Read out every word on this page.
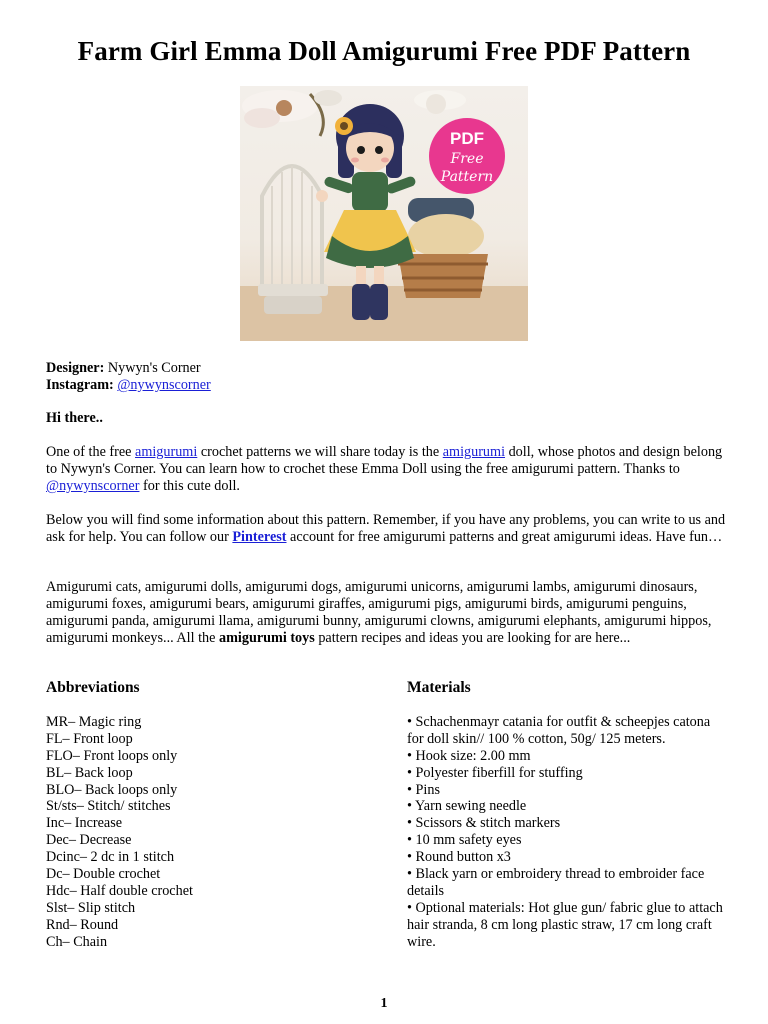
Farm Girl Emma Doll Amigurumi Free PDF Pattern
PDF
Free
Pattern
Designer: Nywyn's Corner
Instagram: @nywynscorner
Hi there..
One of the free amigurumi crochet patterns we will share today is the amigurumi doll, whose photos and design belong to Nywyn's Corner. You can learn how to crochet these Emma Doll using the free amigurumi pattern. Thanks to @nywynscorner for this cute doll.
Below you will find some information about this pattern. Remember, if you have any problems, you can write to us and ask for help. You can follow our Pinterest account for free amigurumi patterns and great amigurumi ideas. Have fun…
Amigurumi cats, amigurumi dolls, amigurumi dogs, amigurumi unicorns, amigurumi lambs, amigurumi dinosaurs, amigurumi foxes, amigurumi bears, amigurumi giraffes, amigurumi pigs, amigurumi birds, amigurumi penguins, amigurumi panda, amigurumi llama, amigurumi bunny, amigurumi clowns, amigurumi elephants, amigurumi hippos, amigurumi monkeys... All the amigurumi toys pattern recipes and ideas you are looking for are here...
Abbreviations
MR– Magic ring
FL– Front loop
FLO– Front loops only
BL– Back loop
BLO– Back loops only
St/sts– Stitch/ stitches
Inc– Increase
Dec– Decrease
Dcinc– 2 dc in 1 stitch
Dc– Double crochet
Hdc– Half double crochet
Slst– Slip stitch
Rnd– Round
Ch– Chain
Materials
• Schachenmayr catania for outfit & scheepjes catona for doll skin// 100 % cotton, 50g/ 125 meters.
• Hook size: 2.00 mm
• Polyester fiberfill for stuffing
• Pins
• Yarn sewing needle
• Scissors & stitch markers
• 10 mm safety eyes
• Round button x3
• Black yarn or embroidery thread to embroider face details
• Optional materials: Hot glue gun/ fabric glue to attach hair stranda, 8 cm long plastic straw, 17 cm long craft wire.
1
